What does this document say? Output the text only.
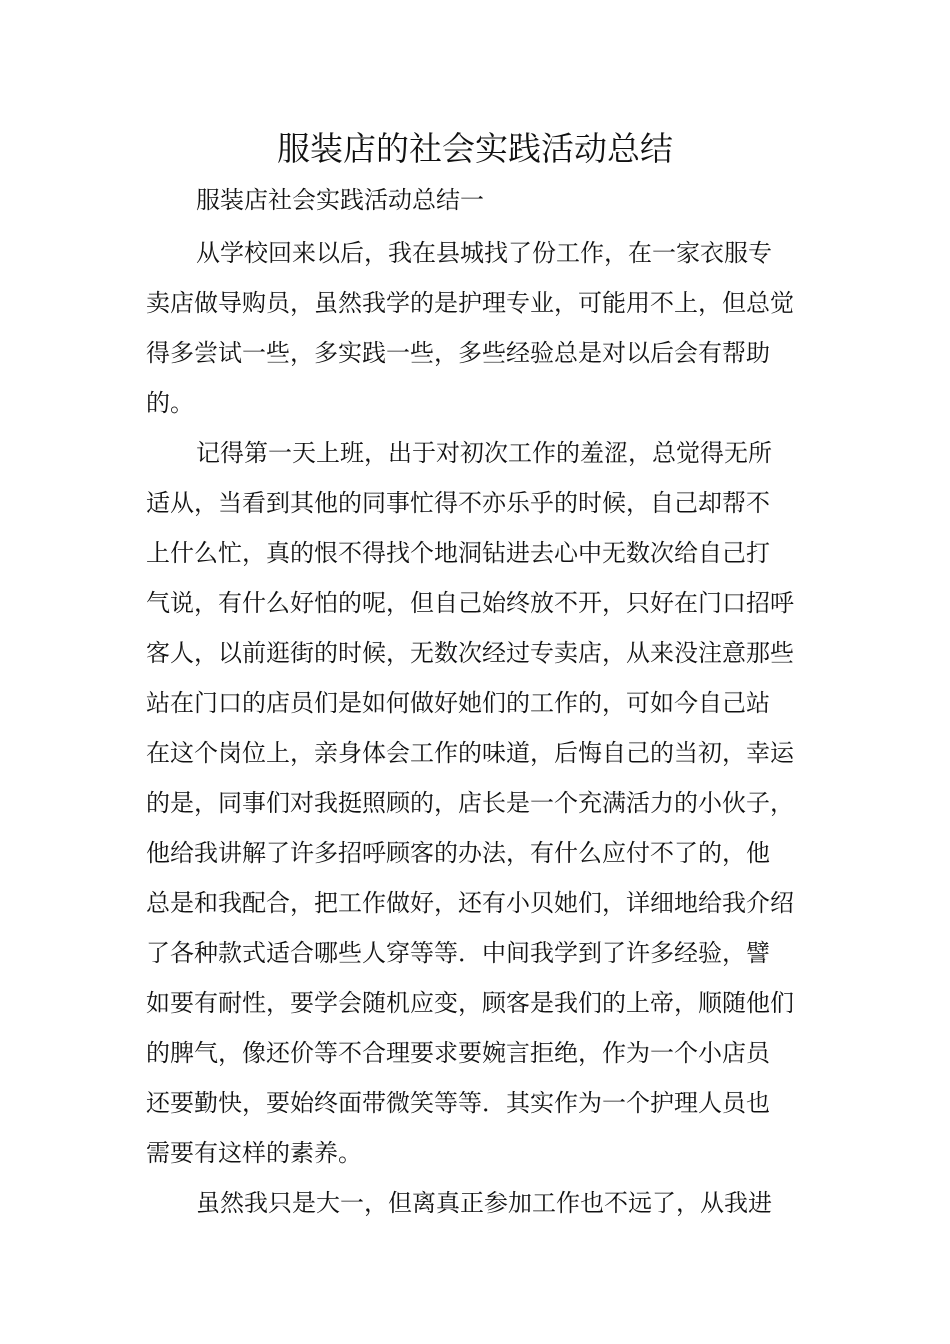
服装店的社会实践活动总结
服装店社会实践活动总结一
从学校回来以后，我在县城找了份工作，在一家衣服专
卖店做导购员，虽然我学的是护理专业，可能用不上，但总觉
得多尝试一些，多实践一些，多些经验总是对以后会有帮助
的。
记得第一天上班，出于对初次工作的羞涩，总觉得无所
适从，当看到其他的同事忙得不亦乐乎的时候，自己却帮不
上什么忙，真的恨不得找个地洞钻进去心中无数次给自己打
气说，有什么好怕的呢，但自己始终放不开，只好在门口招呼
客人，以前逛街的时候，无数次经过专卖店，从来没注意那些
站在门口的店员们是如何做好她们的工作的，可如今自己站
在这个岗位上，亲身体会工作的味道，后悔自己的当初，幸运
的是，同事们对我挺照顾的，店长是一个充满活力的小伙子，
他给我讲解了许多招呼顾客的办法，有什么应付不了的，他
总是和我配合，把工作做好，还有小贝她们，详细地给我介绍
了各种款式适合哪些人穿等等．中间我学到了许多经验，譬
如要有耐性，要学会随机应变，顾客是我们的上帝，顺随他们
的脾气，像还价等不合理要求要婉言拒绝，作为一个小店员
还要勤快，要始终面带微笑等等．其实作为一个护理人员也
需要有这样的素养。
虽然我只是大一，但离真正参加工作也不远了，从我进
